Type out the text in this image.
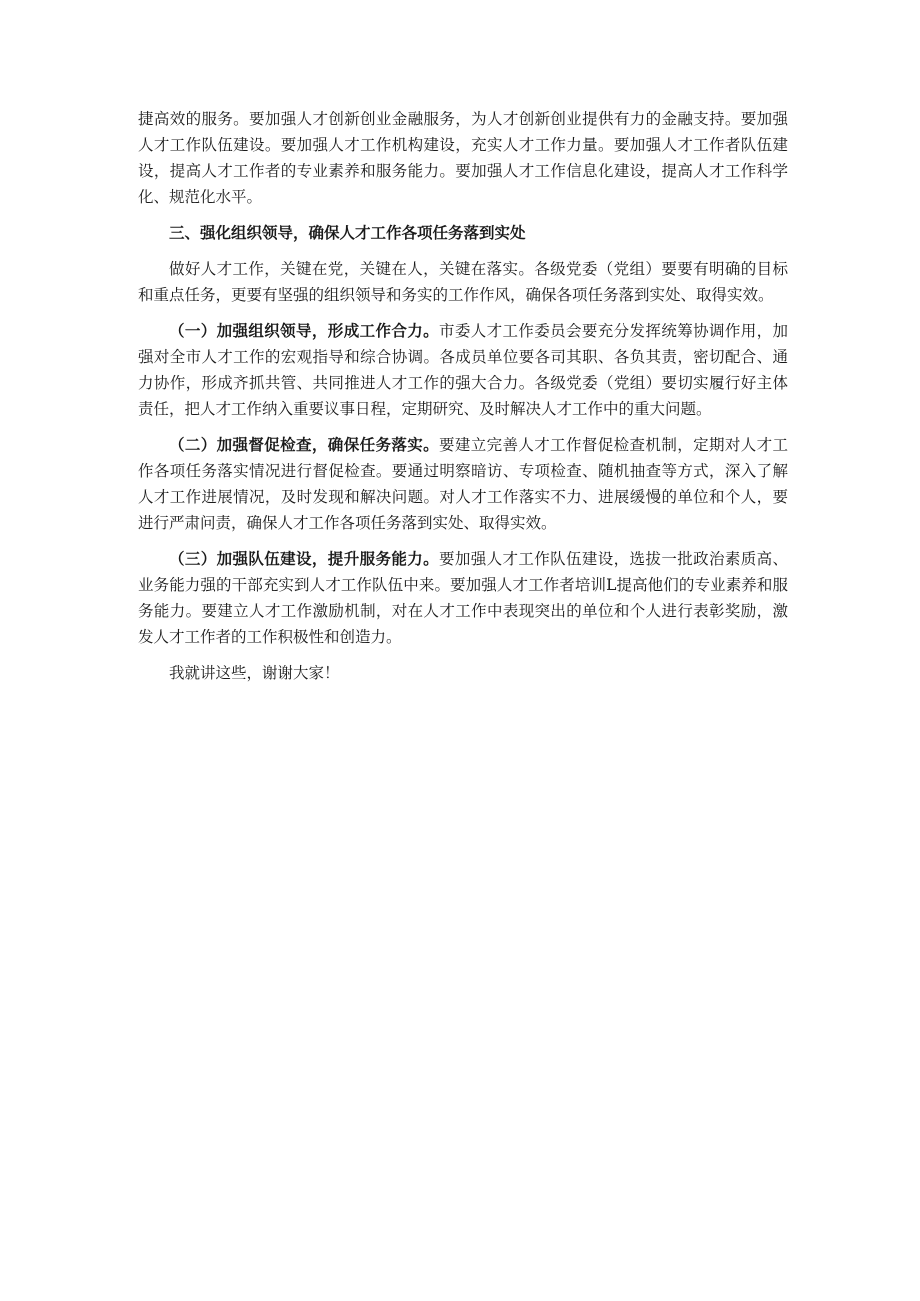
捷高效的服务。要加强人才创新创业金融服务，为人才创新创业提供有力的金融支持。要加强人才工作队伍建设。要加强人才工作机构建设，充实人才工作力量。要加强人才工作者队伍建设，提高人才工作者的专业素养和服务能力。要加强人才工作信息化建设，提高人才工作科学化、规范化水平。

三、强化组织领导，确保人才工作各项任务落到实处

做好人才工作，关键在党，关键在人，关键在落实。各级党委（党组）要要有明确的目标和重点任务，更要有坚强的组织领导和务实的工作作风，确保各项任务落到实处、取得实效。

（一）加强组织领导，形成工作合力。市委人才工作委员会要充分发挥统筹协调作用，加强对全市人才工作的宏观指导和综合协调。各成员单位要各司其职、各负其责，密切配合、通力协作，形成齐抓共管、共同推进人才工作的强大合力。各级党委（党组）要切实履行好主体责任，把人才工作纳入重要议事日程，定期研究、及时解决人才工作中的重大问题。

（二）加强督促检查，确保任务落实。要建立完善人才工作督促检查机制，定期对人才工作各项任务落实情况进行督促检查。要通过明察暗访、专项检查、随机抽查等方式，深入了解人才工作进展情况，及时发现和解决问题。对人才工作落实不力、进展缓慢的单位和个人，要进行严肃问责，确保人才工作各项任务落到实处、取得实效。

（三）加强队伍建设，提升服务能力。要加强人才工作队伍建设，选拔一批政治素质高、业务能力强的干部充实到人才工作队伍中来。要加强人才工作者培训L提高他们的专业素养和服务能力。要建立人才工作激励机制，对在人才工作中表现突出的单位和个人进行表彰奖励，激发人才工作者的工作积极性和创造力。

我就讲这些，谢谢大家！
